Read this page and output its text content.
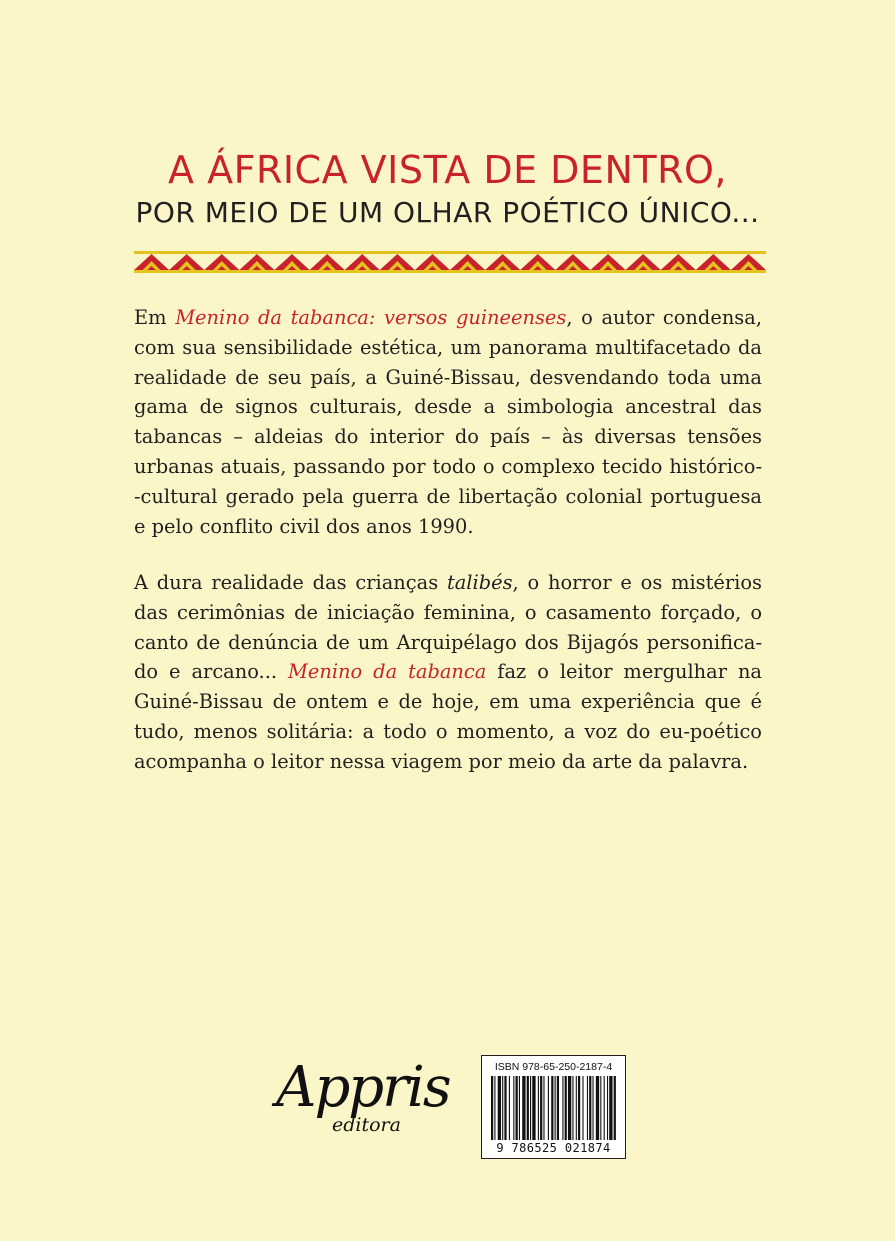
A ÁFRICA VISTA DE DENTRO,
POR MEIO DE UM OLHAR POÉTICO ÚNICO...

Em Menino da tabanca: versos guineenses, o autor condensa, com sua sensibilidade estética, um panorama multifacetado da realidade de seu país, a Guiné-Bissau, desvendando toda uma gama de signos culturais, desde a simbologia ancestral das tabancas – aldeias do interior do país – às diversas tensões urbanas atuais, passando por todo o complexo tecido histórico-​-cultural gerado pela guerra de libertação colonial portuguesa e pelo conflito civil dos anos 1990.

A dura realidade das crianças talibés, o horror e os mistérios das cerimônias de iniciação feminina, o casamento forçado, o canto de denúncia de um Arquipélago dos Bijagós personifica-​do e arcano... Menino da tabanca faz o leitor mergulhar na Guiné-Bissau de ontem e de hoje, em uma experiência que é tudo, menos solitária: a todo o momento, a voz do eu-poético acompanha o leitor nessa viagem por meio da arte da palavra.

Appris
editora
ISBN 978-65-250-2187-4
9 786525 021874
